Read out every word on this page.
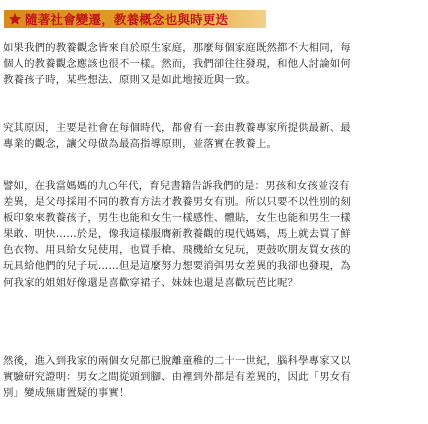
隨著社會變遷，教養概念也與時更迭

如果我們的教養觀念皆來自於原生家庭，那麼每個家庭既然都不大相同，每
個人的教養觀念應該也很不一樣。然而，我們卻往往發現，和他人討論如何
教養孩子時，某些想法、原則又是如此地接近與一致。

究其原因，主要是社會在每個時代，都會有一套由教養專家所提供最新、最
專業的觀念，讓父母做為最高指導原則，並落實在教養上。

譬如，在我當媽媽的九○年代，育兒書籍告訴我們的是：男孩和女孩並沒有
差異，是父母採用不同的教育方法才教養男女有別。所以只要不以性別的刻
板印象來教養孩子，男生也能和女生一樣感性、體貼，女生也能和男生一樣
果敢、明快……於是，像我這樣服膺新教養觀的現代媽媽，馬上就去買了鮮
色衣物、用具給女兒使用，也買手槍、飛機給女兒玩，更鼓吹朋友買女孩的
玩具給他們的兒子玩……但是這麼努力想要消弭男女差異的我卻也發現，為
何我家的姐姐好像還是喜歡穿裙子、妹妹也還是喜歡玩芭比呢？

然後，進入到我家的兩個女兒都已脫離童稚的二十一世紀，腦科學專家又以
實驗研究證明：男女之間從頭到腳、由裡到外都是有差異的，因此「男女有
別」變成無庸置疑的事實！
